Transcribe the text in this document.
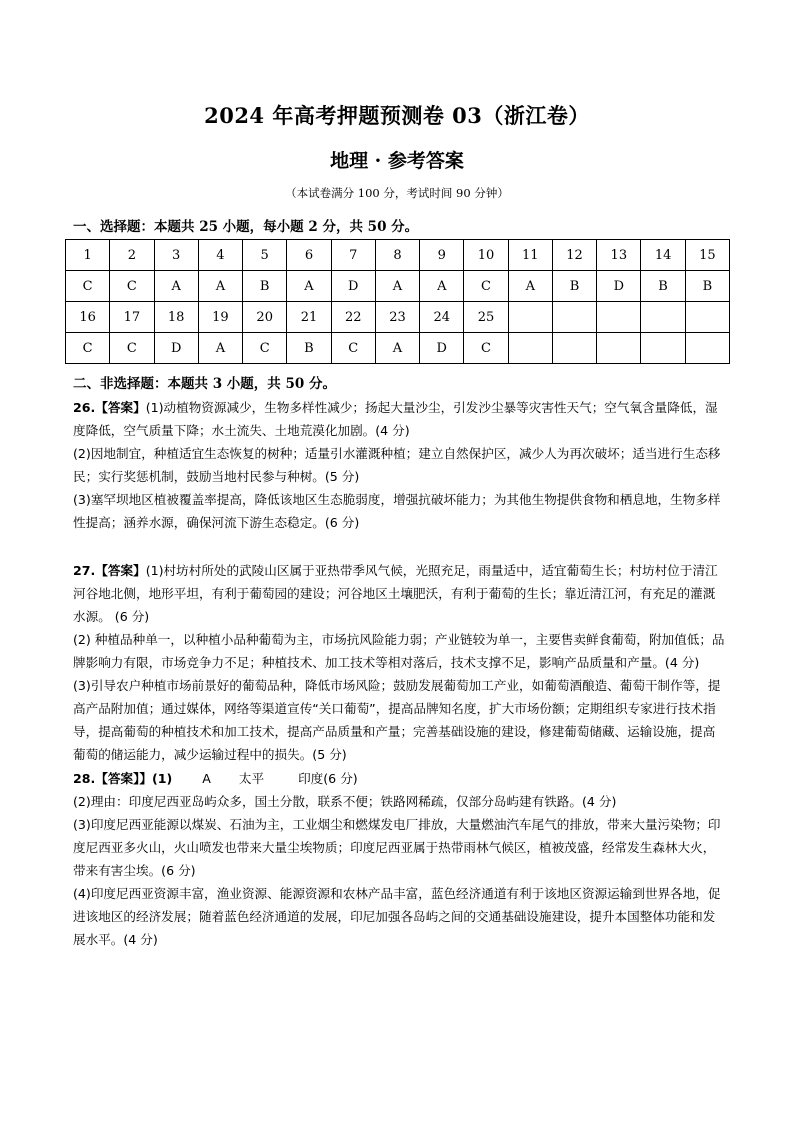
2024 年高考押题预测卷 03（浙江卷）
地理 · 参考答案
（本试卷满分 100 分，考试时间 90 分钟）
一、选择题：本题共 25 小题，每小题 2 分，共 50 分。
1	2	3	4	5	6	7	8	9	10	11	12	13	14	15
C	C	A	A	B	A	D	A	A	C	A	B	D	B	B
16	17	18	19	20	21	22	23	24	25					
C	C	D	A	C	B	C	A	D	C					
二、非选择题：本题共 3 小题，共 50 分。

26.【答案】(1)动植物资源减少，生物多样性减少；扬起大量沙尘，引发沙尘暴等灾害性天气；空气氧含量降低，湿度降低，空气质量下降；水土流失、土地荒漠化加剧。(4 分)

(2)因地制宜，种植适宜生态恢复的树种；适量引水灌溉种植；建立自然保护区，减少人为再次破坏；适当进行生态移民；实行奖惩机制，鼓励当地村民参与种树。(5 分)

(3)塞罕坝地区植被覆盖率提高，降低该地区生态脆弱度，增强抗破坏能力；为其他生物提供食物和栖息地，生物多样性提高；涵养水源，确保河流下游生态稳定。(6 分)

27.【答案】(1)村坊村所处的武陵山区属于亚热带季风气候，光照充足，雨量适中，适宜葡萄生长；村坊村位于清江河谷地北侧，地形平坦，有利于葡萄园的建设；河谷地区土壤肥沃，有利于葡萄的生长；靠近清江河，有充足的灌溉水源。 (6 分)

(2) 种植品种单一，以种植小品种葡萄为主，市场抗风险能力弱；产业链较为单一，主要售卖鲜食葡萄，附加值低；品牌影响力有限，市场竞争力不足；种植技术、加工技术等相对落后，技术支撑不足，影响产品质量和产量。(4 分)

(3)引导农户种植市场前景好的葡萄品种，降低市场风险；鼓励发展葡萄加工产业，如葡萄酒酿造、葡萄干制作等，提高产品附加值；通过媒体，网络等渠道宣传“关口葡萄”，提高品牌知名度，扩大市场份额；定期组织专家进行技术指导，提高葡萄的种植技术和加工技术，提高产品质量和产量；完善基础设施的建设，修建葡萄储藏、运输设施，提高葡萄的储运能力，减少运输过程中的损失。(5 分)

28.【答案】】(1) A 太平	印度(6 分)

(2)理由：印度尼西亚岛屿众多，国土分散，联系不便；铁路网稀疏，仅部分岛屿建有铁路。(4 分)

(3)印度尼西亚能源以煤炭、石油为主，工业烟尘和燃煤发电厂排放，大量燃油汽车尾气的排放，带来大量污染物；印度尼西亚多火山，火山喷发也带来大量尘埃物质；印度尼西亚属于热带雨林气候区，植被茂盛，经常发生森林大火，带来有害尘埃。(6 分)

(4)印度尼西亚资源丰富，渔业资源、能源资源和农林产品丰富，蓝色经济通道有利于该地区资源运输到世界各地，促进该地区的经济发展；随着蓝色经济通道的发展，印尼加强各岛屿之间的交通基础设施建设，提升本国整体功能和发展水平。(4 分)
